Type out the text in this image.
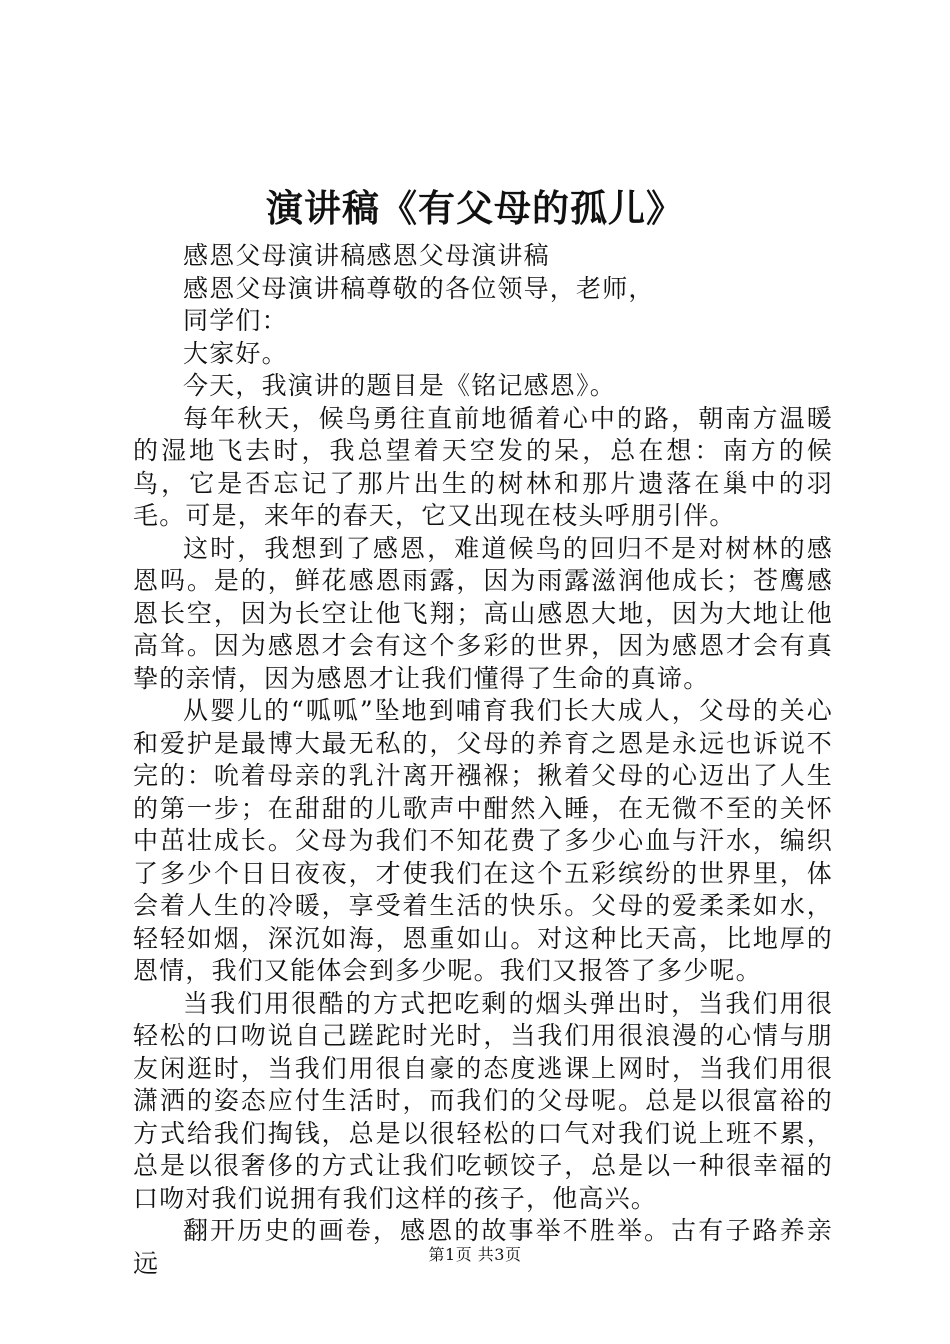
演讲稿《有父母的孤儿》

感恩父母演讲稿感恩父母演讲稿

感恩父母演讲稿尊敬的各位领导，老师，

同学们：

大家好。

今天，我演讲的题目是《铭记感恩》。

每年秋天，候鸟勇往直前地循着心中的路，朝南方温暖的湿地飞去时，我总望着天空发的呆，总在想：南方的候鸟，它是否忘记了那片出生的树林和那片遗落在巢中的羽毛。可是，来年的春天，它又出现在枝头呼朋引伴。

这时，我想到了感恩，难道候鸟的回归不是对树林的感恩吗。是的，鲜花感恩雨露，因为雨露滋润他成长；苍鹰感恩长空，因为长空让他飞翔；高山感恩大地，因为大地让他高耸。因为感恩才会有这个多彩的世界，因为感恩才会有真挚的亲情，因为感恩才让我们懂得了生命的真谛。

从婴儿的“呱呱”坠地到哺育我们长大成人，父母的关心和爱护是最博大最无私的，父母的养育之恩是永远也诉说不完的：吮着母亲的乳汁离开襁褓；揪着父母的心迈出了人生的第一步；在甜甜的儿歌声中酣然入睡，在无微不至的关怀中茁壮成长。父母为我们不知花费了多少心血与汗水，编织了多少个日日夜夜，才使我们在这个五彩缤纷的世界里，体会着人生的冷暖，享受着生活的快乐。父母的爱柔柔如水，轻轻如烟，深沉如海，恩重如山。对这种比天高，比地厚的恩情，我们又能体会到多少呢。我们又报答了多少呢。

当我们用很酷的方式把吃剩的烟头弹出时，当我们用很轻松的口吻说自己蹉跎时光时，当我们用很浪漫的心情与朋友闲逛时，当我们用很自豪的态度逃课上网时，当我们用很潇洒的姿态应付生活时，而我们的父母呢。总是以很富裕的方式给我们掏钱，总是以很轻松的口气对我们说上班不累，总是以很奢侈的方式让我们吃顿饺子，总是以一种很幸福的口吻对我们说拥有我们这样的孩子，他高兴。

翻开历史的画卷，感恩的故事举不胜举。古有子路养亲远	第1页 共3页
